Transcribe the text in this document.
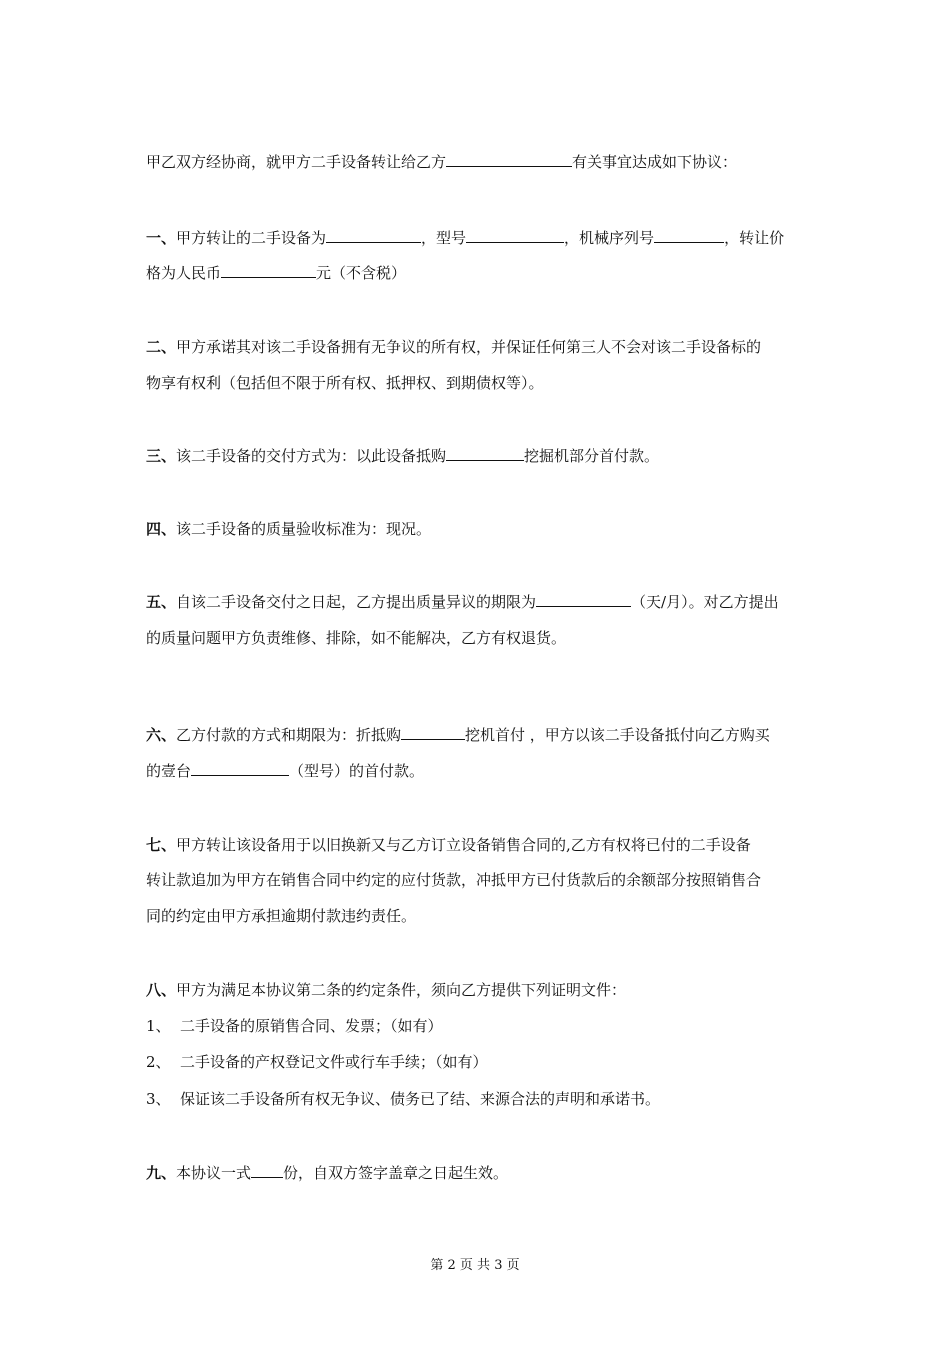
甲乙双方经协商，就甲方二手设备转让给乙方	有关事宜达成如下协议：
一、甲方转让的二手设备为	，型号	，机械序列号	，转让价
格为人民币	元（不含税）
二、甲方承诺其对该二手设备拥有无争议的所有权，并保证任何第三人不会对该二手设备标的
物享有权利（包括但不限于所有权、抵押权、到期债权等）。
三、该二手设备的交付方式为：以此设备抵购	挖掘机部分首付款。
四、该二手设备的质量验收标准为：现况。
五、自该二手设备交付之日起，乙方提出质量异议的期限为	（天/月）。对乙方提出
的质量问题甲方负责维修、排除，如不能解决，乙方有权退货。
六、乙方付款的方式和期限为：折抵购	挖机首付 ，甲方以该二手设备抵付向乙方购买
的壹台	（型号）的首付款。
七、甲方转让该设备用于以旧换新又与乙方订立设备销售合同的,乙方有权将已付的二手设备
转让款追加为甲方在销售合同中约定的应付货款，冲抵甲方已付货款后的余额部分按照销售合
同的约定由甲方承担逾期付款违约责任。
八、甲方为满足本协议第二条的约定条件，须向乙方提供下列证明文件：
1、 二手设备的原销售合同、发票；（如有）
2、 二手设备的产权登记文件或行车手续；（如有）
3、 保证该二手设备所有权无争议、债务已了结、来源合法的声明和承诺书。
九、本协议一式 份，自双方签字盖章之日起生效。
第 2 页 共 3 页
